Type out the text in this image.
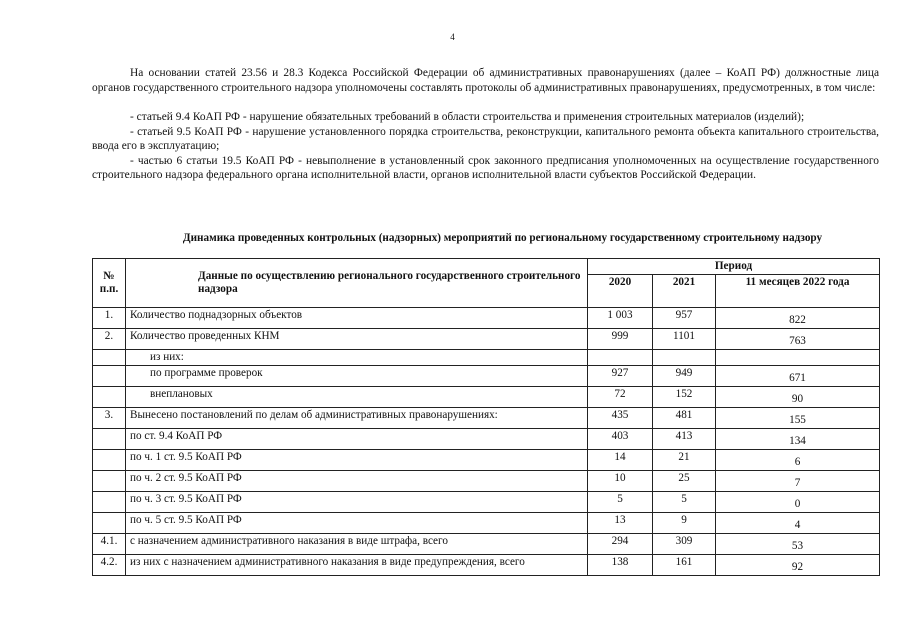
4
На основании статей 23.56 и 28.3 Кодекса Российской Федерации об административных правонарушениях (далее – КоАП РФ) должностные лица органов государственного строительного надзора уполномочены составлять протоколы об административных правонарушениях, предусмотренных, в том числе:
- статьей 9.4 КоАП РФ - нарушение обязательных требований в области строительства и применения строительных материалов (изделий);
- статьей 9.5 КоАП РФ - нарушение установленного порядка строительства, реконструкции, капитального ремонта объекта капитального строительства, ввода его в эксплуатацию;
- частью 6 статьи 19.5 КоАП РФ - невыполнение в установленный срок законного предписания уполномоченных на осуществление государственного строительного надзора федерального органа исполнительной власти, органов исполнительной власти субъектов Российской Федерации.
Динамика проведенных контрольных (надзорных) мероприятий по региональному государственному строительному надзору
№ п.п.	Данные по осуществлению регионального государственного строительного надзора	Период		
		2020	2021	11 месяцев 2022 года
1.	Количество поднадзорных объектов	1 003	957	822
2.	Количество проведенных КНМ	999	1101	763
	из них:			
	по программе проверок	927	949	671
	внеплановых	72	152	90
3.	Вынесено постановлений по делам об административных правонарушениях:	435	481	155
	по ст. 9.4 КоАП РФ	403	413	134
	по ч. 1 ст. 9.5 КоАП РФ	14	21	6
	по ч. 2 ст. 9.5 КоАП РФ	10	25	7
	по ч. 3 ст. 9.5 КоАП РФ	5	5	0
	по ч. 5 ст. 9.5 КоАП РФ	13	9	4
4.1.	с назначением административного наказания в виде штрафа, всего	294	309	53
4.2.	из них с назначением административного наказания в виде предупреждения, всего	138	161	92
